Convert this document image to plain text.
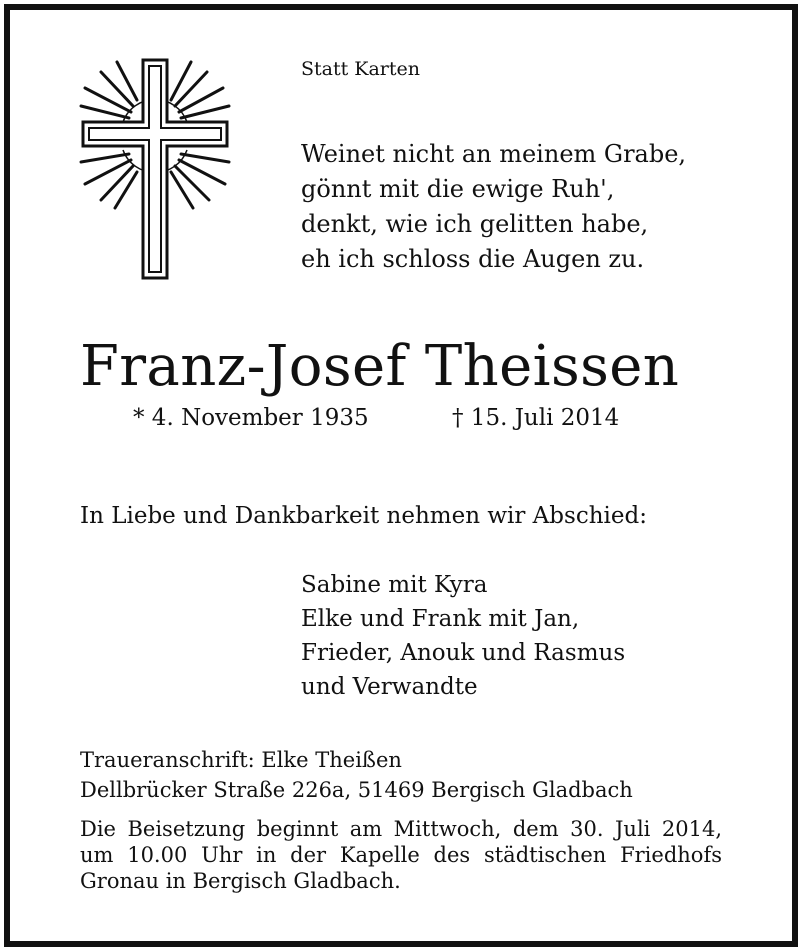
Statt Karten
Weinet nicht an meinem Grabe,
gönnt mit die ewige Ruh',
denkt, wie ich gelitten habe,
eh ich schloss die Augen zu.
Franz-Josef Theissen
* 4. November 1935	† 15. Juli 2014
In Liebe und Dankbarkeit nehmen wir Abschied:
Sabine mit Kyra
Elke und Frank mit Jan,
Frieder, Anouk und Rasmus
und Verwandte
Traueranschrift: Elke Theißen
Dellbrücker Straße 226a, 51469 Bergisch Gladbach
Die Beisetzung beginnt am Mittwoch, dem 30. Juli 2014,
um 10.00 Uhr in der Kapelle des städtischen Friedhofs
Gronau in Bergisch Gladbach.
